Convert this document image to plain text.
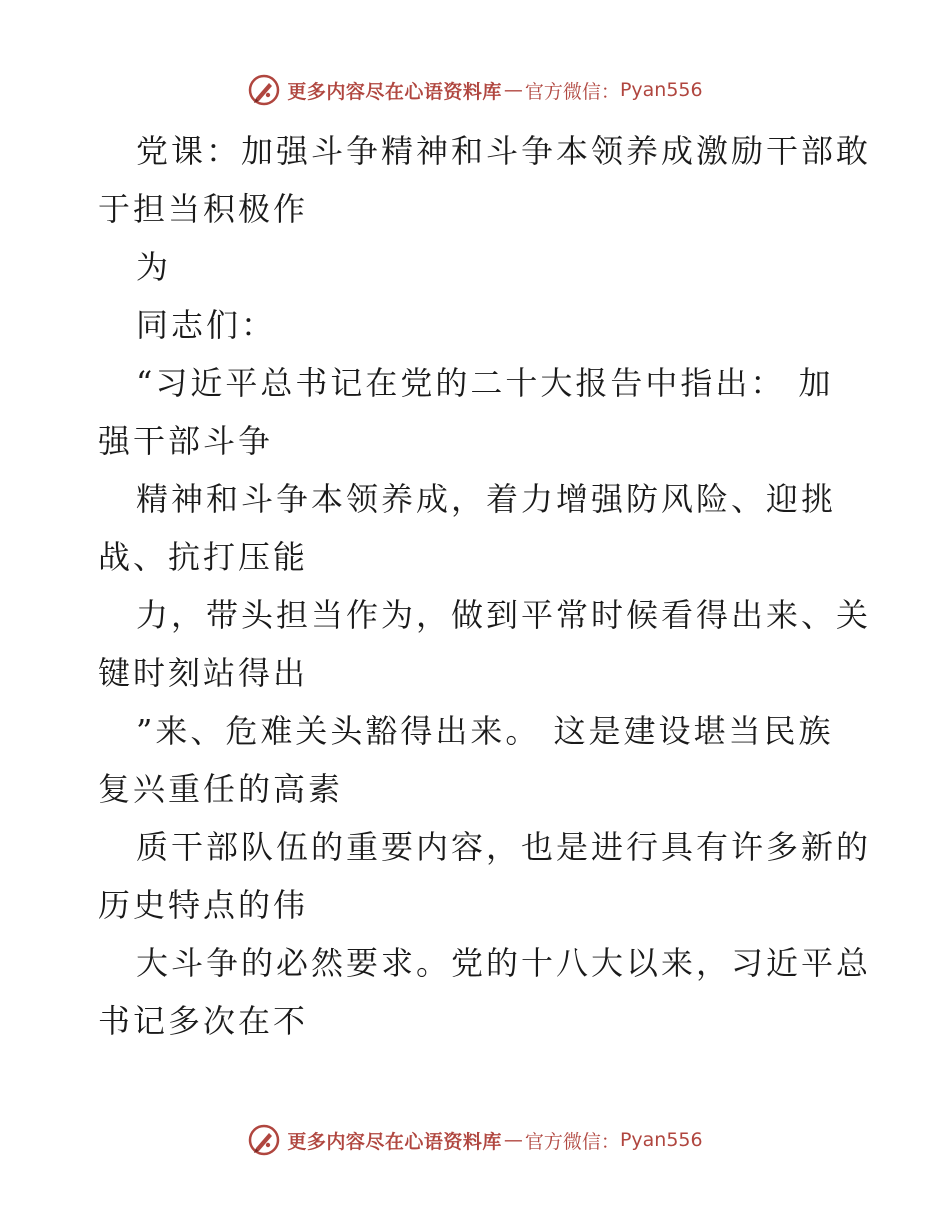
更多内容尽在心语资料库 — 官方微信： Pyan556
党课：加强斗争精神和斗争本领养成激励干部敢
于担当积极作
为
同志们：
“习近平总书记在党的二十大报告中指出： 加
强干部斗争
精神和斗争本领养成，着力增强防风险、迎挑
战、抗打压能
力，带头担当作为，做到平常时候看得出来、关
键时刻站得出
”来、危难关头豁得出来。 这是建设堪当民族
复兴重任的高素
质干部队伍的重要内容，也是进行具有许多新的
历史特点的伟
大斗争的必然要求。党的十八大以来，习近平总
书记多次在不
更多内容尽在心语资料库 — 官方微信： Pyan556
